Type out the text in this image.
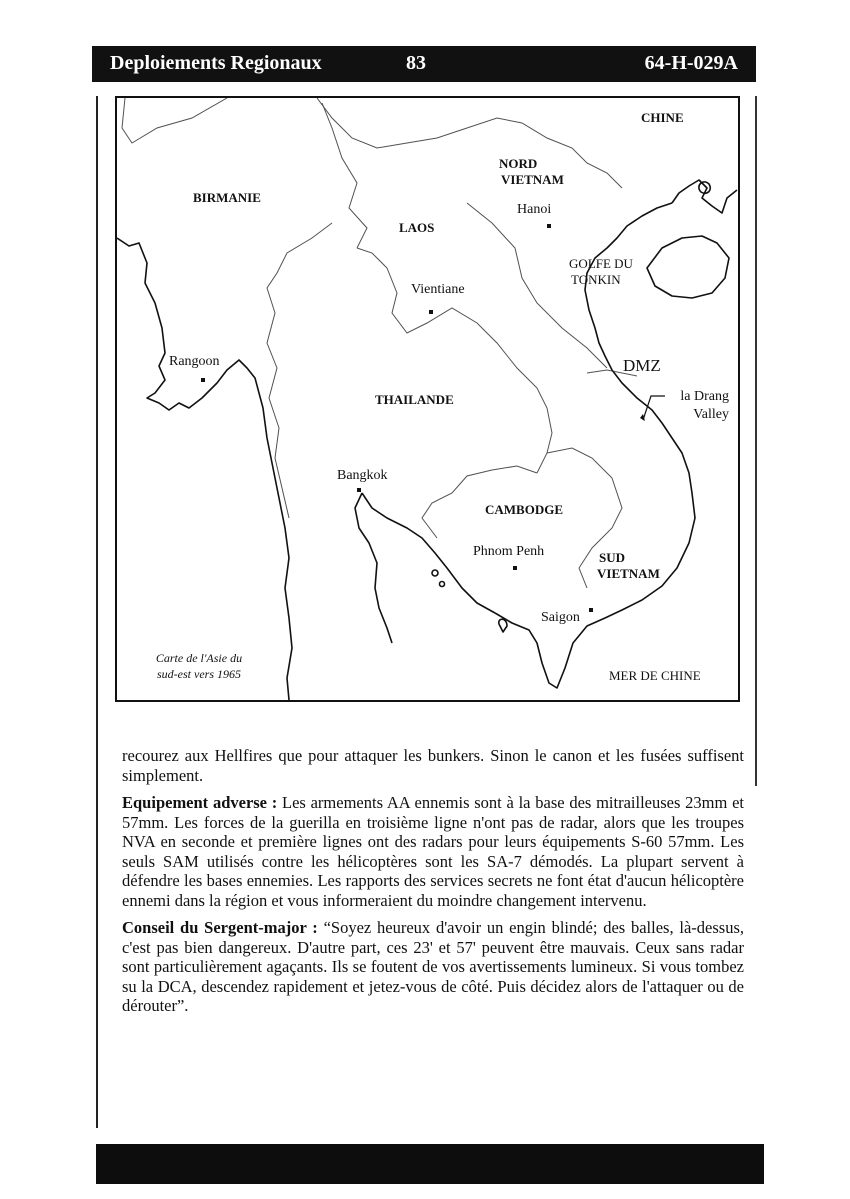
Deploiements Regionaux	83	64-H-029A
CHINE
BIRMANIE
NORD
VIETNAM
Hanoi
LAOS
GOLFE DU
TONKIN
Vientiane
Rangoon	DMZ
THAILANDE	la Drang
Valley
Bangkok
CAMBODGE
Phnom Penh	SUD
VIETNAM
Saigon
Carte de l'Asie du
sud-est vers 1965	MER DE CHINE

recourez aux Hellfires que pour attaquer les bunkers. Sinon le canon et les fusées suffisent simplement.

Equipement adverse : Les armements AA ennemis sont à la base des mitrailleuses 23mm et 57mm. Les forces de la guerilla en troisième ligne n'ont pas de radar, alors que les troupes NVA en seconde et première lignes ont des radars pour leurs équipements S-60 57mm. Les seuls SAM utilisés contre les hélicoptères sont les SA-7 démodés. La plupart servent à défendre les bases ennemies. Les rapports des services secrets ne font état d'aucun hélicoptère ennemi dans la région et vous informeraient du moindre changement intervenu.

Conseil du Sergent-major : “Soyez heureux d'avoir un engin blindé; des balles, là-dessus, c'est pas bien dangereux. D'autre part, ces 23' et 57' peuvent être mauvais. Ceux sans radar sont particulièrement agaçants. Ils se foutent de vos avertissements lumineux. Si vous tombez su la DCA, descendez rapidement et jetez-vous de côté. Puis décidez alors de l'attaquer ou de dérouter”.
